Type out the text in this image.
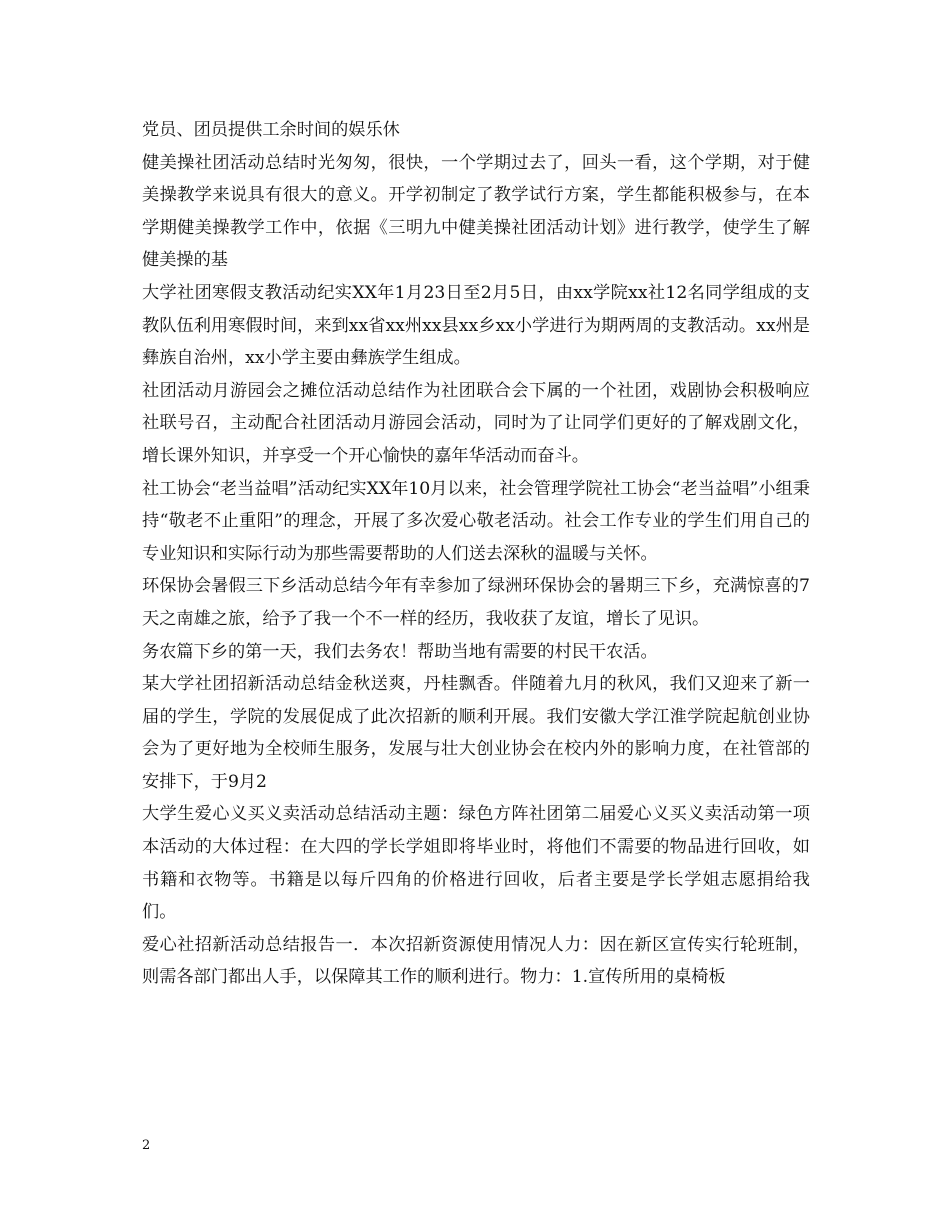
党员、团员提供工余时间的娱乐休

健美操社团活动总结时光匆匆，很快，一个学期过去了，回头一看，这个学期，对于健美操教学来说具有很大的意义。开学初制定了教学试行方案，学生都能积极参与，在本学期健美操教学工作中，依据《三明九中健美操社团活动计划》进行教学，使学生了解健美操的基

大学社团寒假支教活动纪实XX年1月23日至2月5日，由xx学院xx社12名同学组成的支教队伍利用寒假时间，来到xx省xx州xx县xx乡xx小学进行为期两周的支教活动。xx州是彝族自治州，xx小学主要由彝族学生组成。

社团活动月游园会之摊位活动总结作为社团联合会下属的一个社团，戏剧协会积极响应社联号召，主动配合社团活动月游园会活动，同时为了让同学们更好的了解戏剧文化，增长课外知识，并享受一个开心愉快的嘉年华活动而奋斗。

社工协会“老当益唱”活动纪实XX年10月以来，社会管理学院社工协会“老当益唱”小组秉持“敬老不止重阳”的理念，开展了多次爱心敬老活动。社会工作专业的学生们用自己的专业知识和实际行动为那些需要帮助的人们送去深秋的温暖与关怀。

环保协会暑假三下乡活动总结今年有幸参加了绿洲环保协会的暑期三下乡，充满惊喜的7天之南雄之旅，给予了我一个不一样的经历，我收获了友谊，增长了见识。

务农篇下乡的第一天，我们去务农！帮助当地有需要的村民干农活。

某大学社团招新活动总结金秋送爽，丹桂飘香。伴随着九月的秋风，我们又迎来了新一届的学生，学院的发展促成了此次招新的顺利开展。我们安徽大学江淮学院起航创业协会为了更好地为全校师生服务，发展与壮大创业协会在校内外的影响力度，在社管部的安排下，于9月2

大学生爱心义买义卖活动总结活动主题：绿色方阵社团第二届爱心义买义卖活动第一项　本活动的大体过程：在大四的学长学姐即将毕业时，将他们不需要的物品进行回收，如书籍和衣物等。书籍是以每斤四角的价格进行回收，后者主要是学长学姐志愿捐给我们。

爱心社招新活动总结报告一．本次招新资源使用情况人力：因在新区宣传实行轮班制，则需各部门都出人手，以保障其工作的顺利进行。物力：1.宣传所用的桌椅板

2
